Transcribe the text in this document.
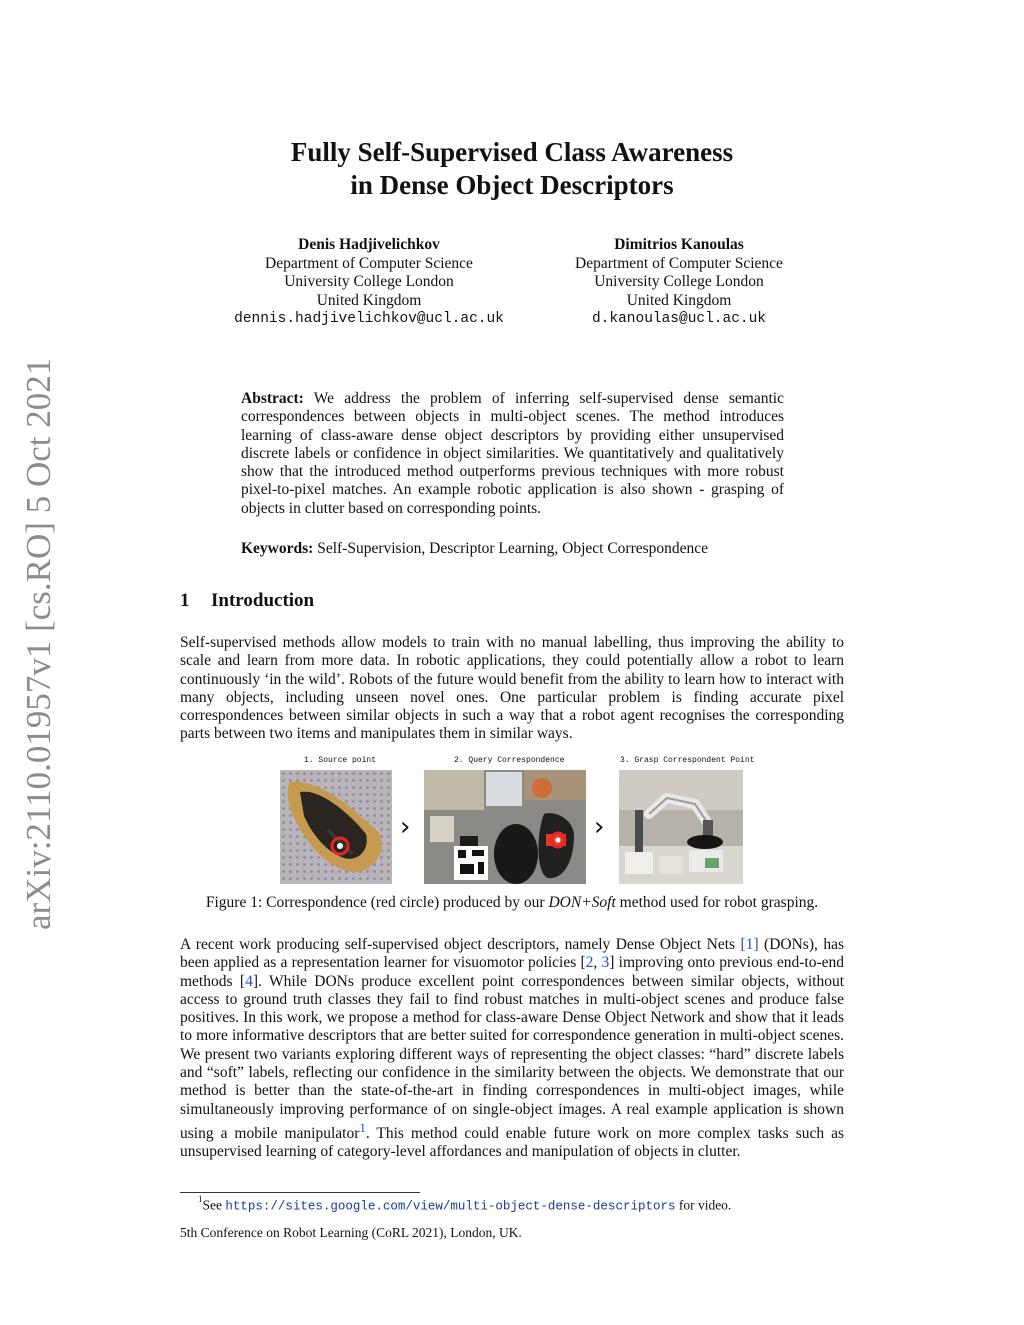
arXiv:2110.01957v1 [cs.RO] 5 Oct 2021
Fully Self-Supervised Class Awareness
in Dense Object Descriptors
Denis Hadjivelichkov
Department of Computer Science
University College London
United Kingdom
dennis.hadjivelichkov@ucl.ac.uk
Dimitrios Kanoulas
Department of Computer Science
University College London
United Kingdom
d.kanoulas@ucl.ac.uk
Abstract: We address the problem of inferring self-supervised dense semantic correspondences between objects in multi-object scenes. The method introduces learning of class-aware dense object descriptors by providing either unsupervised discrete labels or confidence in object similarities. We quantitatively and qualitatively show that the introduced method outperforms previous techniques with more robust pixel-to-pixel matches. An example robotic application is also shown - grasping of objects in clutter based on corresponding points.
Keywords: Self-Supervision, Descriptor Learning, Object Correspondence
1 Introduction
Self-supervised methods allow models to train with no manual labelling, thus improving the ability to scale and learn from more data. In robotic applications, they could potentially allow a robot to learn continuously ‘in the wild’. Robots of the future would benefit from the ability to learn how to interact with many objects, including unseen novel ones. One particular problem is finding accurate pixel correspondences between similar objects in such a way that a robot agent recognises the corresponding parts between two items and manipulates them in similar ways.
1. Source point	2. Query Correspondence	3. Grasp Correspondent Point
›	›
Figure 1: Correspondence (red circle) produced by our DON+Soft method used for robot grasping.
A recent work producing self-supervised object descriptors, namely Dense Object Nets [1] (DONs), has been applied as a representation learner for visuomotor policies [2, 3] improving onto previous end-to-end methods [4]. While DONs produce excellent point correspondences between similar objects, without access to ground truth classes they fail to find robust matches in multi-object scenes and produce false positives. In this work, we propose a method for class-aware Dense Object Network and show that it leads to more informative descriptors that are better suited for correspondence generation in multi-object scenes. We present two variants exploring different ways of representing the object classes: “hard” discrete labels and “soft” labels, reflecting our confidence in the similarity between the objects. We demonstrate that our method is better than the state-of-the-art in finding correspondences in multi-object images, while simultaneously improving performance of on single-object images. A real example application is shown using a mobile manipulator$^1$. This method could enable future work on more complex tasks such as unsupervised learning of category-level affordances and manipulation of objects in clutter.
$^1$See https://sites.google.com/view/multi-object-dense-descriptors for video.
5th Conference on Robot Learning (CoRL 2021), London, UK.
